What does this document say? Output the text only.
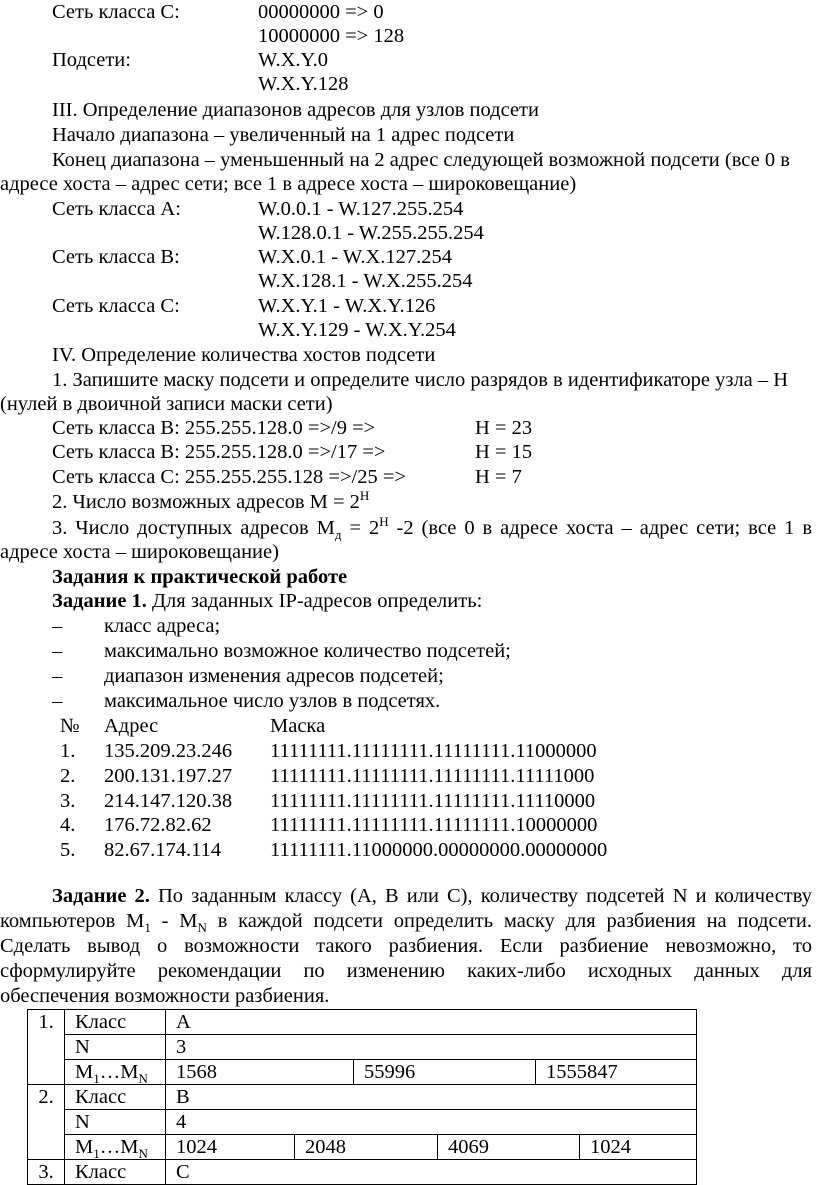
Сеть класса С:	00000000 => 0
10000000 => 128
Подсети:	W.X.Y.0
W.X.Y.128
III. Определение диапазонов адресов для узлов подсети
Начало диапазона – увеличенный на 1 адрес подсети
Конец диапазона – уменьшенный на 2 адрес следующей возможной подсети (все 0 в
адресе хоста – адрес сети; все 1 в адресе хоста – широковещание)
Сеть класса А:	W.0.0.1 - W.127.255.254
W.128.0.1 - W.255.255.254
Сеть класса В:	W.X.0.1 - W.X.127.254
W.X.128.1 - W.X.255.254
Сеть класса С:	W.X.Y.1 - W.X.Y.126
W.X.Y.129 - W.X.Y.254
IV. Определение количества хостов подсети
1. Запишите маску подсети и определите число разрядов в идентификаторе узла – H
(нулей в двоичной записи маски сети)
Сеть класса В: 255.255.128.0 =>/9 =>	H = 23
Сеть класса В: 255.255.128.0 =>/17 =>	H = 15
Сеть класса С: 255.255.255.128 =>/25 =>	H = 7
2. Число возможных адресов $M = 2^H$
3. Число доступных адресов $M_д = 2^H$ -2 (все 0 в адресе хоста – адрес сети; все 1 в
адресе хоста – широковещание)
Задания к практической работе
Задание 1. Для заданных IP-адресов определить:
– класс адреса;
– максимально возможное количество подсетей;
– диапазон изменения адресов подсетей;
– максимальное число узлов в подсетях.
№ Адрес	Маска
1. 135.209.23.246 11111111.11111111.11111111.11000000
2. 200.131.197.27 11111111.11111111.11111111.11111000
3. 214.147.120.38 11111111.11111111.11111111.11110000
4. 176.72.82.62	11111111.11111111.11111111.10000000
5. 82.67.174.114 11111111.11000000.00000000.00000000
Задание 2. По заданным классу (A, B или C), количеству подсетей N и количеству
компьютеров $M_1 - M_N$ в каждой подсети определить маску для разбиения на подсети.
Сделать вывод о возможности такого разбиения. Если разбиение невозможно, то
сформулируйте рекомендации по изменению каких-либо исходных данных для
обеспечения возможности разбиения.
1.	Класс	A
	N	3
	$M_1\dots M_N$	1568 55996 1555847

2.	Класс	B
	N	4
	$M_1\dots M_N$	1024 2048 4069 1024

3.	Класс	C
